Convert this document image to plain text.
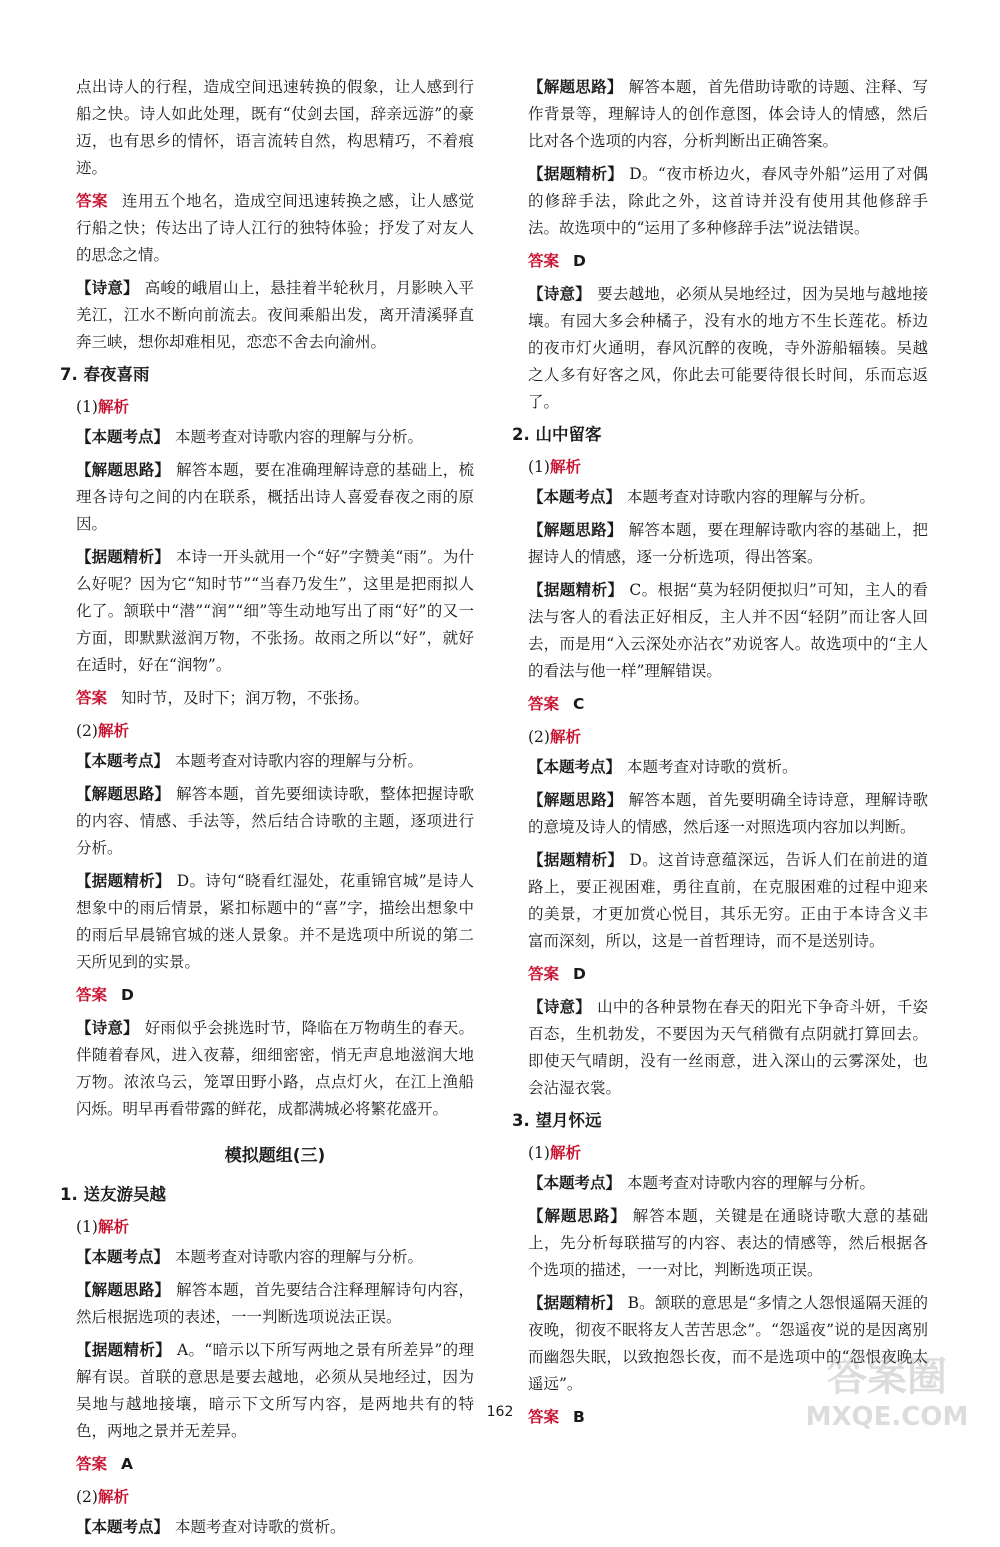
点出诗人的行程，造成空间迅速转换的假象，让人感到行船之快。诗人如此处理，既有“仗剑去国，辞亲远游”的豪迈，也有思乡的情怀，语言流转自然，构思精巧，不着痕迹。

答案 连用五个地名，造成空间迅速转换之感，让人感觉行船之快；传达出了诗人江行的独特体验；抒发了对友人的思念之情。

【诗意】 高峻的峨眉山上，悬挂着半轮秋月，月影映入平羌江，江水不断向前流去。夜间乘船出发，离开清溪驿直奔三峡，想你却难相见，恋恋不舍去向渝州。

7. 春夜喜雨
(1)解析

【本题考点】 本题考查对诗歌内容的理解与分析。

【解题思路】 解答本题，要在准确理解诗意的基础上，梳理各诗句之间的内在联系，概括出诗人喜爱春夜之雨的原因。

【据题精析】 本诗一开头就用一个“好”字赞美“雨”。为什么好呢？因为它“知时节”“当春乃发生”，这里是把雨拟人化了。颔联中“潜”“润”“细”等生动地写出了雨“好”的又一方面，即默默滋润万物，不张扬。故雨之所以“好”，就好在适时，好在“润物”。

答案 知时节，及时下；润万物，不张扬。

(2)解析

【本题考点】 本题考查对诗歌内容的理解与分析。

【解题思路】 解答本题，首先要细读诗歌，整体把握诗歌的内容、情感、手法等，然后结合诗歌的主题，逐项进行分析。

【据题精析】 D。诗句“晓看红湿处，花重锦官城”是诗人想象中的雨后情景，紧扣标题中的“喜”字，描绘出想象中的雨后早晨锦官城的迷人景象。并不是选项中所说的第二天所见到的实景。

答案 D

【诗意】 好雨似乎会挑选时节，降临在万物萌生的春天。伴随着春风，进入夜幕，细细密密，悄无声息地滋润大地万物。浓浓乌云，笼罩田野小路，点点灯火，在江上渔船闪烁。明早再看带露的鲜花，成都满城必将繁花盛开。

模拟题组(三)
1. 送友游吴越
(1)解析

【本题考点】 本题考查对诗歌内容的理解与分析。

【解题思路】 解答本题，首先要结合注释理解诗句内容，然后根据选项的表述，一一判断选项说法正误。

【据题精析】 A。“暗示以下所写两地之景有所差异”的理解有误。首联的意思是要去越地，必须从吴地经过，因为吴地与越地接壤，暗示下文所写内容，是两地共有的特色，两地之景并无差异。

答案 A

(2)解析

【本题考点】 本题考查对诗歌的赏析。

【解题思路】 解答本题，首先借助诗歌的诗题、注释、写作背景等，理解诗人的创作意图，体会诗人的情感，然后比对各个选项的内容，分析判断出正确答案。

【据题精析】 D。“夜市桥边火，春风寺外船”运用了对偶的修辞手法，除此之外，这首诗并没有使用其他修辞手法。故选项中的“运用了多种修辞手法”说法错误。

答案 D

【诗意】 要去越地，必须从吴地经过，因为吴地与越地接壤。有园大多会种橘子，没有水的地方不生长莲花。桥边的夜市灯火通明，春风沉醉的夜晚，寺外游船辐辏。吴越之人多有好客之风，你此去可能要待很长时间，乐而忘返了。

2. 山中留客
(1)解析

【本题考点】 本题考查对诗歌内容的理解与分析。

【解题思路】 解答本题，要在理解诗歌内容的基础上，把握诗人的情感，逐一分析选项，得出答案。

【据题精析】 C。根据“莫为轻阴便拟归”可知，主人的看法与客人的看法正好相反，主人并不因“轻阴”而让客人回去，而是用“入云深处亦沾衣”劝说客人。故选项中的“主人的看法与他一样”理解错误。

答案 C

(2)解析

【本题考点】 本题考查对诗歌的赏析。

【解题思路】 解答本题，首先要明确全诗诗意，理解诗歌的意境及诗人的情感，然后逐一对照选项内容加以判断。

【据题精析】 D。这首诗意蕴深远，告诉人们在前进的道路上，要正视困难，勇往直前，在克服困难的过程中迎来的美景，才更加赏心悦目，其乐无穷。正由于本诗含义丰富而深刻，所以，这是一首哲理诗，而不是送别诗。

答案 D

【诗意】 山中的各种景物在春天的阳光下争奇斗妍，千姿百态，生机勃发，不要因为天气稍微有点阴就打算回去。即使天气晴朗，没有一丝雨意，进入深山的云雾深处，也会沾湿衣裳。

3. 望月怀远
(1)解析

【本题考点】 本题考查对诗歌内容的理解与分析。

【解题思路】 解答本题，关键是在通晓诗歌大意的基础上，先分析每联描写的内容、表达的情感等，然后根据各个选项的描述，一一对比，判断选项正误。

【据题精析】 B。颔联的意思是“多情之人怨恨遥隔天涯的夜晚，彻夜不眠将友人苦苦思念”。“怨遥夜”说的是因离别而幽怨失眠，以致抱怨长夜，而不是选项中的“怨恨夜晚太遥远”。

答案 B

162
答案圈
MXQE.COM
